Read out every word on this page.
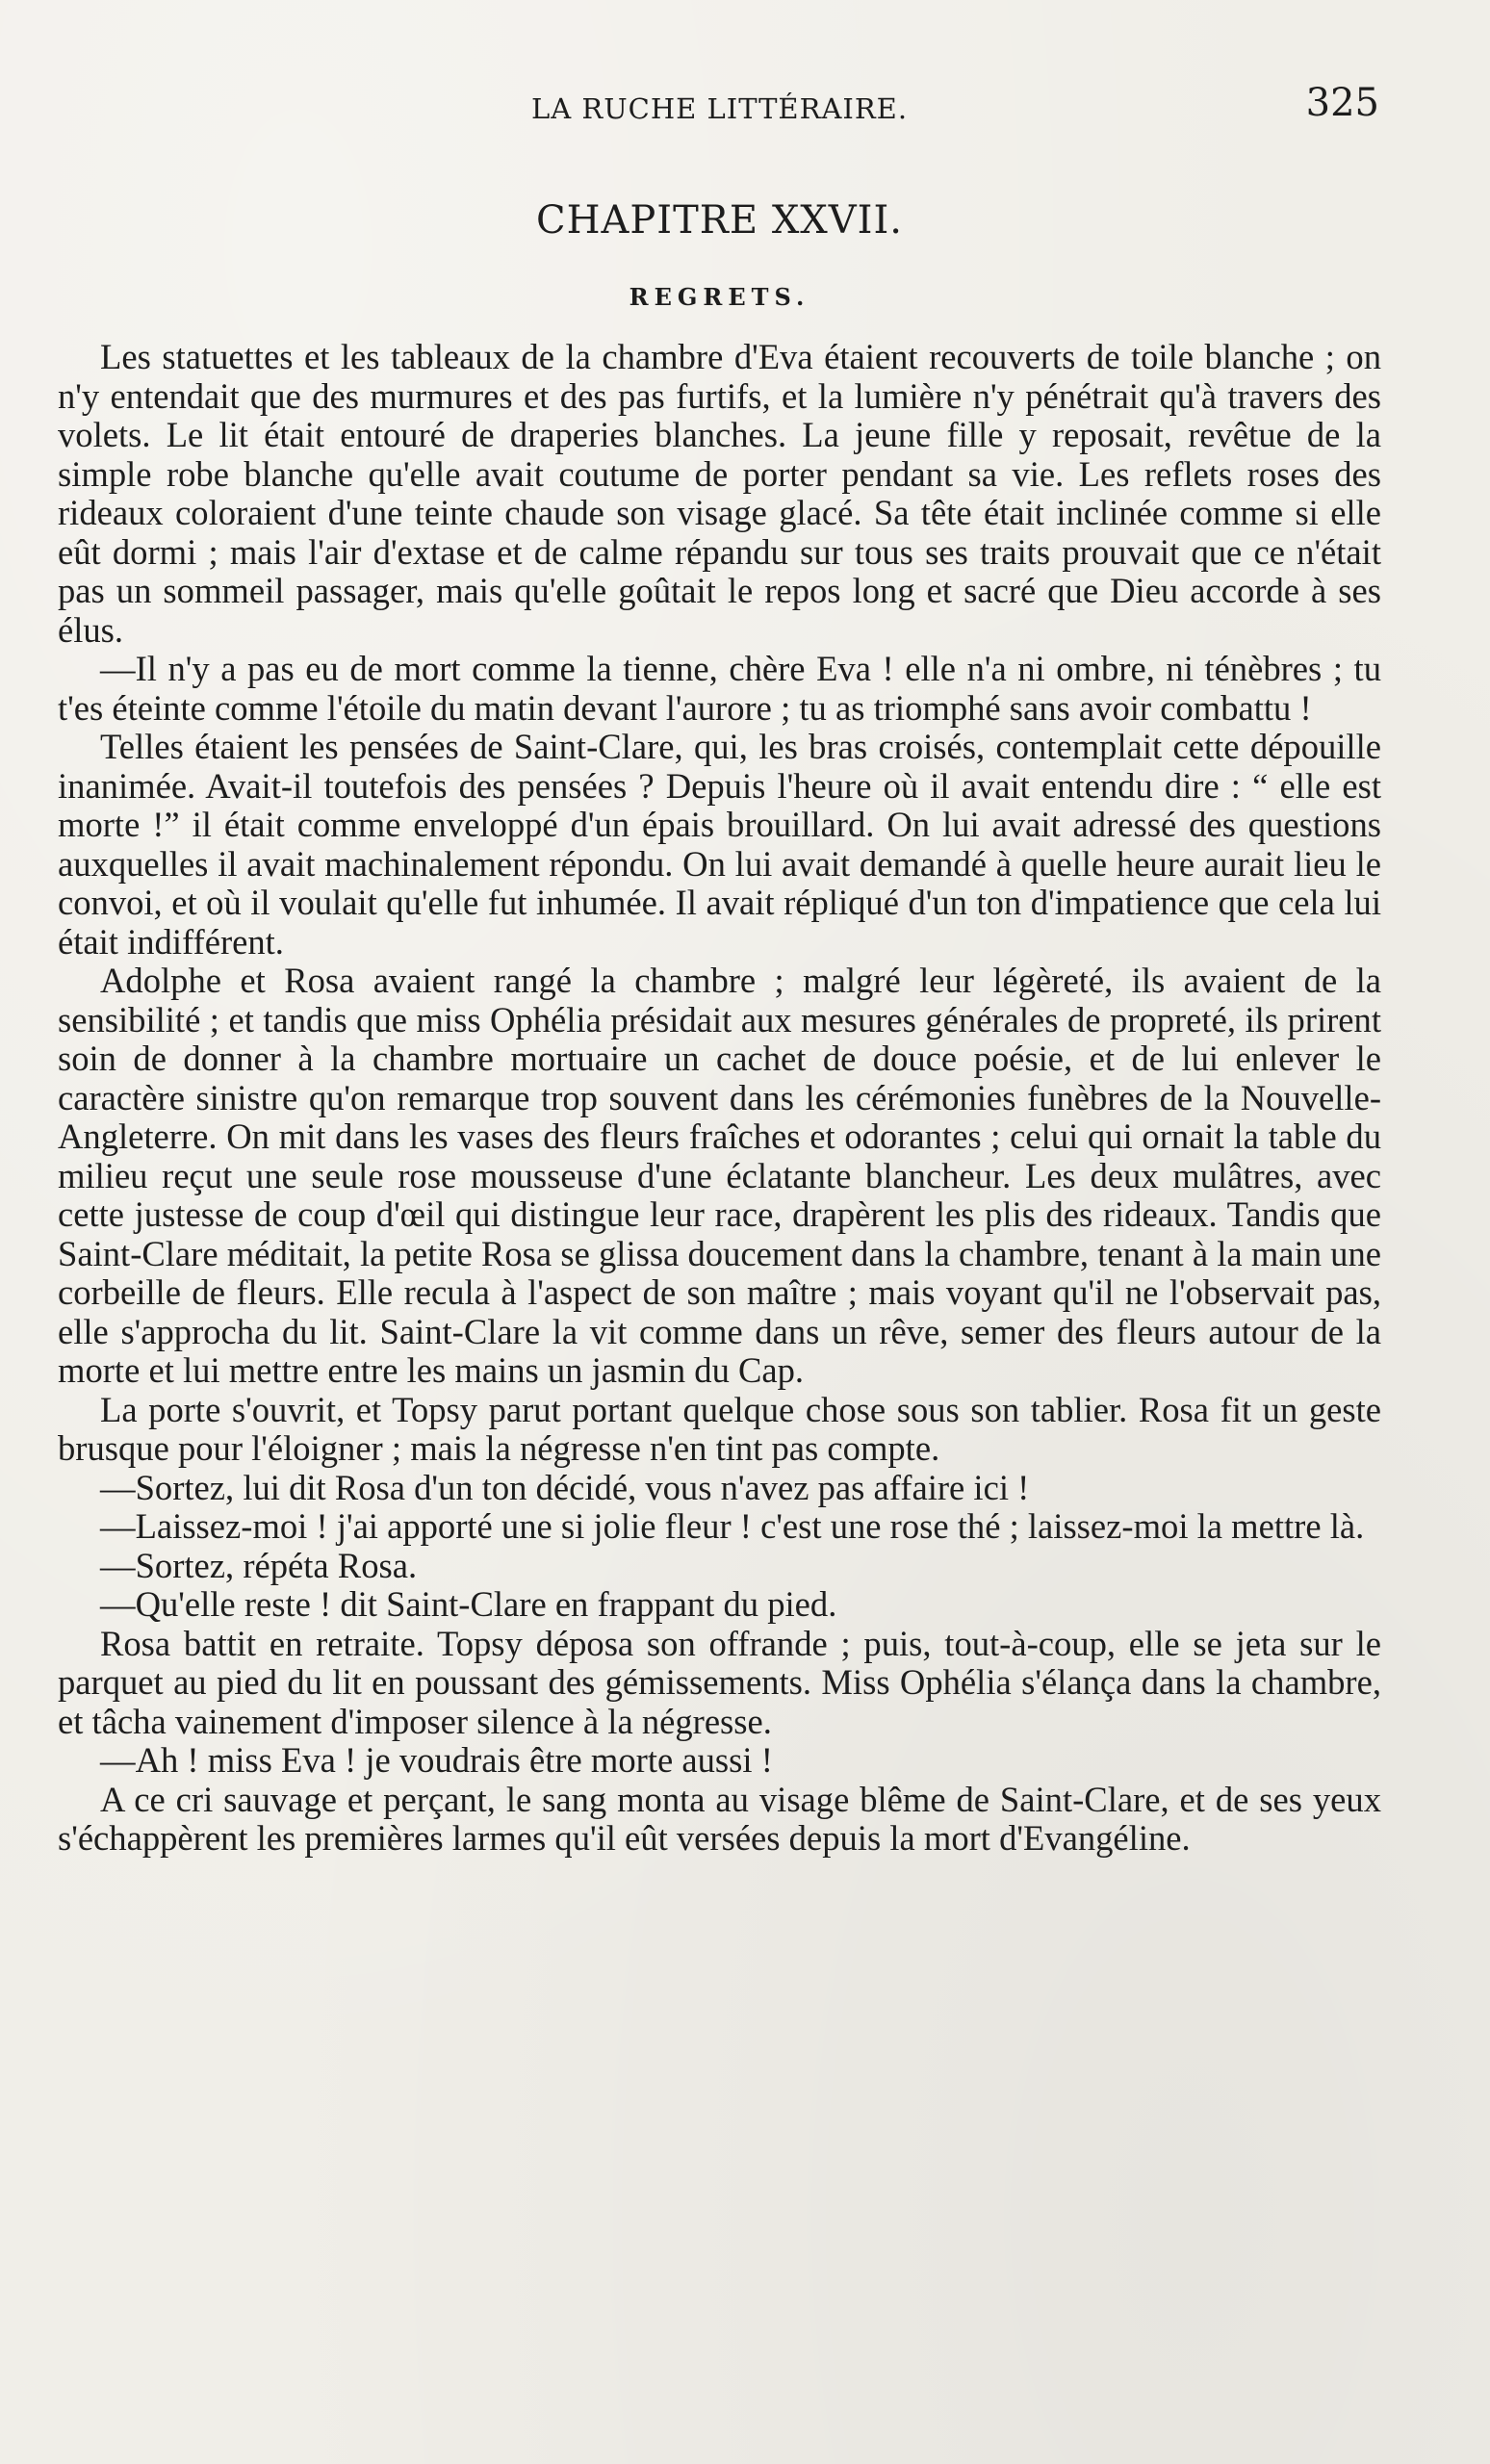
LA RUCHE LITTÉRAIRE.	325
CHAPITRE XXVII.
REGRETS.

Les statuettes et les tableaux de la chambre d'Eva étaient recouverts de toile blanche ; on n'y entendait que des murmures et des pas furtifs, et la lumière n'y pénétrait qu'à travers des volets. Le lit était entouré de draperies blanches. La jeune fille y reposait, revêtue de la simple robe blanche qu'elle avait coutume de porter pendant sa vie. Les reflets roses des rideaux coloraient d'une teinte chaude son visage glacé. Sa tête était inclinée comme si elle eût dormi ; mais l'air d'extase et de calme répandu sur tous ses traits prouvait que ce n'était pas un sommeil passager, mais qu'elle goûtait le repos long et sacré que Dieu accorde à ses élus.

—Il n'y a pas eu de mort comme la tienne, chère Eva ! elle n'a ni ombre, ni ténèbres ; tu t'es éteinte comme l'étoile du matin devant l'aurore ; tu as triomphé sans avoir combattu !

Telles étaient les pensées de Saint-Clare, qui, les bras croisés, contemplait cette dépouille inanimée. Avait-il toutefois des pensées ? Depuis l'heure où il avait entendu dire : “ elle est morte !” il était comme enveloppé d'un épais brouillard. On lui avait adressé des questions auxquelles il avait machinalement répondu. On lui avait demandé à quelle heure aurait lieu le convoi, et où il voulait qu'elle fut inhumée. Il avait répliqué d'un ton d'impatience que cela lui était indifférent.

Adolphe et Rosa avaient rangé la chambre ; malgré leur légèreté, ils avaient de la sensibilité ; et tandis que miss Ophélia présidait aux mesures générales de propreté, ils prirent soin de donner à la chambre mortuaire un cachet de douce poésie, et de lui enlever le caractère sinistre qu'on remarque trop souvent dans les cérémonies funèbres de la Nouvelle-Angleterre. On mit dans les vases des fleurs fraîches et odorantes ; celui qui ornait la table du milieu reçut une seule rose mousseuse d'une éclatante blancheur. Les deux mulâtres, avec cette justesse de coup d'œil qui distingue leur race, drapèrent les plis des rideaux. Tandis que Saint-Clare méditait, la petite Rosa se glissa doucement dans la chambre, tenant à la main une corbeille de fleurs. Elle recula à l'aspect de son maître ; mais voyant qu'il ne l'observait pas, elle s'approcha du lit. Saint-Clare la vit comme dans un rêve, semer des fleurs autour de la morte et lui mettre entre les mains un jasmin du Cap.

La porte s'ouvrit, et Topsy parut portant quelque chose sous son tablier. Rosa fit un geste brusque pour l'éloigner ; mais la négresse n'en tint pas compte.

—Sortez, lui dit Rosa d'un ton décidé, vous n'avez pas affaire ici !

—Laissez-moi ! j'ai apporté une si jolie fleur ! c'est une rose thé ; laissez-moi la mettre là.

—Sortez, répéta Rosa.

—Qu'elle reste ! dit Saint-Clare en frappant du pied.

Rosa battit en retraite. Topsy déposa son offrande ; puis, tout-à-coup, elle se jeta sur le parquet au pied du lit en poussant des gémissements. Miss Ophélia s'élança dans la chambre, et tâcha vainement d'imposer silence à la négresse.

—Ah ! miss Eva ! je voudrais être morte aussi !

A ce cri sauvage et perçant, le sang monta au visage blême de Saint-Clare, et de ses yeux s'échappèrent les premières larmes qu'il eût versées depuis la mort d'Evangéline.
